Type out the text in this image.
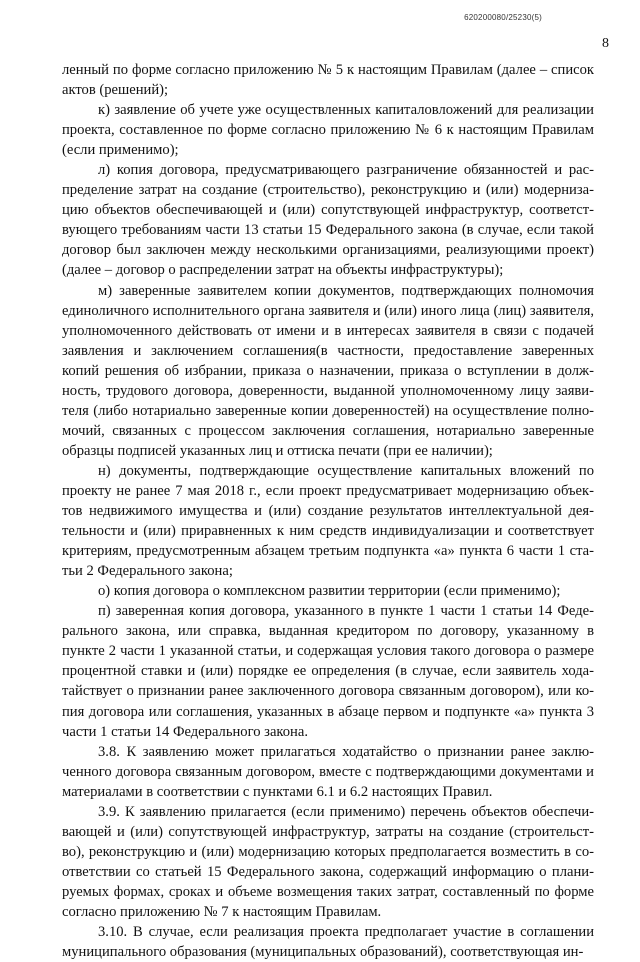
620200080/25230(5)
8

ленный по форме согласно приложению № 5 к настоящим Правилам (далее – список актов (решений);

к) заявление об учете уже осуществленных капиталовложений для реализации проекта, составленное по форме согласно приложению № 6 к настоящим Правилам (если применимо);

л) копия договора, предусматривающего разграничение обязанностей и распределение затрат на создание (строительство), реконструкцию и (или) модернизацию объектов обеспечивающей и (или) сопутствующей инфраструктур, соответствующего требованиям части 13 статьи 15 Федерального закона (в случае, если такой договор был заключен между несколькими организациями, реализующими проект) (далее – договор о распределении затрат на объекты инфраструктуры);

м) заверенные заявителем копии документов, подтверждающих полномочия единоличного исполнительного органа заявителя и (или) иного лица (лиц) заявителя, уполномоченного действовать от имени и в интересах заявителя в связи с подачей заявления и заключением соглашения(в частности, предоставление заверенных копий решения об избрании, приказа о назначении, приказа о вступлении в должность, трудового договора, доверенности, выданной уполномоченному лицу заявителя (либо нотариально заверенные копии доверенностей) на осуществление полномочий, связанных с процессом заключения соглашения, нотариально заверенные образцы подписей указанных лиц и оттиска печати (при ее наличии);

н) документы, подтверждающие осуществление капитальных вложений по проекту не ранее 7 мая 2018 г., если проект предусматривает модернизацию объектов недвижимого имущества и (или) создание результатов интеллектуальной деятельности и (или) приравненных к ним средств индивидуализации и соответствует критериям, предусмотренным абзацем третьим подпункта «а» пункта 6 части 1 статьи 2 Федерального закона;

о) копия договора о комплексном развитии территории (если применимо);

п) заверенная копия договора, указанного в пункте 1 части 1 статьи 14 Федерального закона, или справка, выданная кредитором по договору, указанному в пункте 2 части 1 указанной статьи, и содержащая условия такого договора о размере процентной ставки и (или) порядке ее определения (в случае, если заявитель ходатайствует о признании ранее заключенного договора связанным договором), или копия договора или соглашения, указанных в абзаце первом и подпункте «а» пункта 3 части 1 статьи 14 Федерального закона.

3.8. К заявлению может прилагаться ходатайство о признании ранее заключенного договора связанным договором, вместе с подтверждающими документами и материалами в соответствии с пунктами 6.1 и 6.2 настоящих Правил.

3.9. К заявлению прилагается (если применимо) перечень объектов обеспечивающей и (или) сопутствующей инфраструктур, затраты на создание (строительство), реконструкцию и (или) модернизацию которых предполагается возместить в соответствии со статьей 15 Федерального закона, содержащий информацию о планируемых формах, сроках и объеме возмещения таких затрат, составленный по форме согласно приложению № 7 к настоящим Правилам.

3.10. В случае, если реализация проекта предполагает участие в соглашении муниципального образования (муниципальных образований), соответствующая ин-
